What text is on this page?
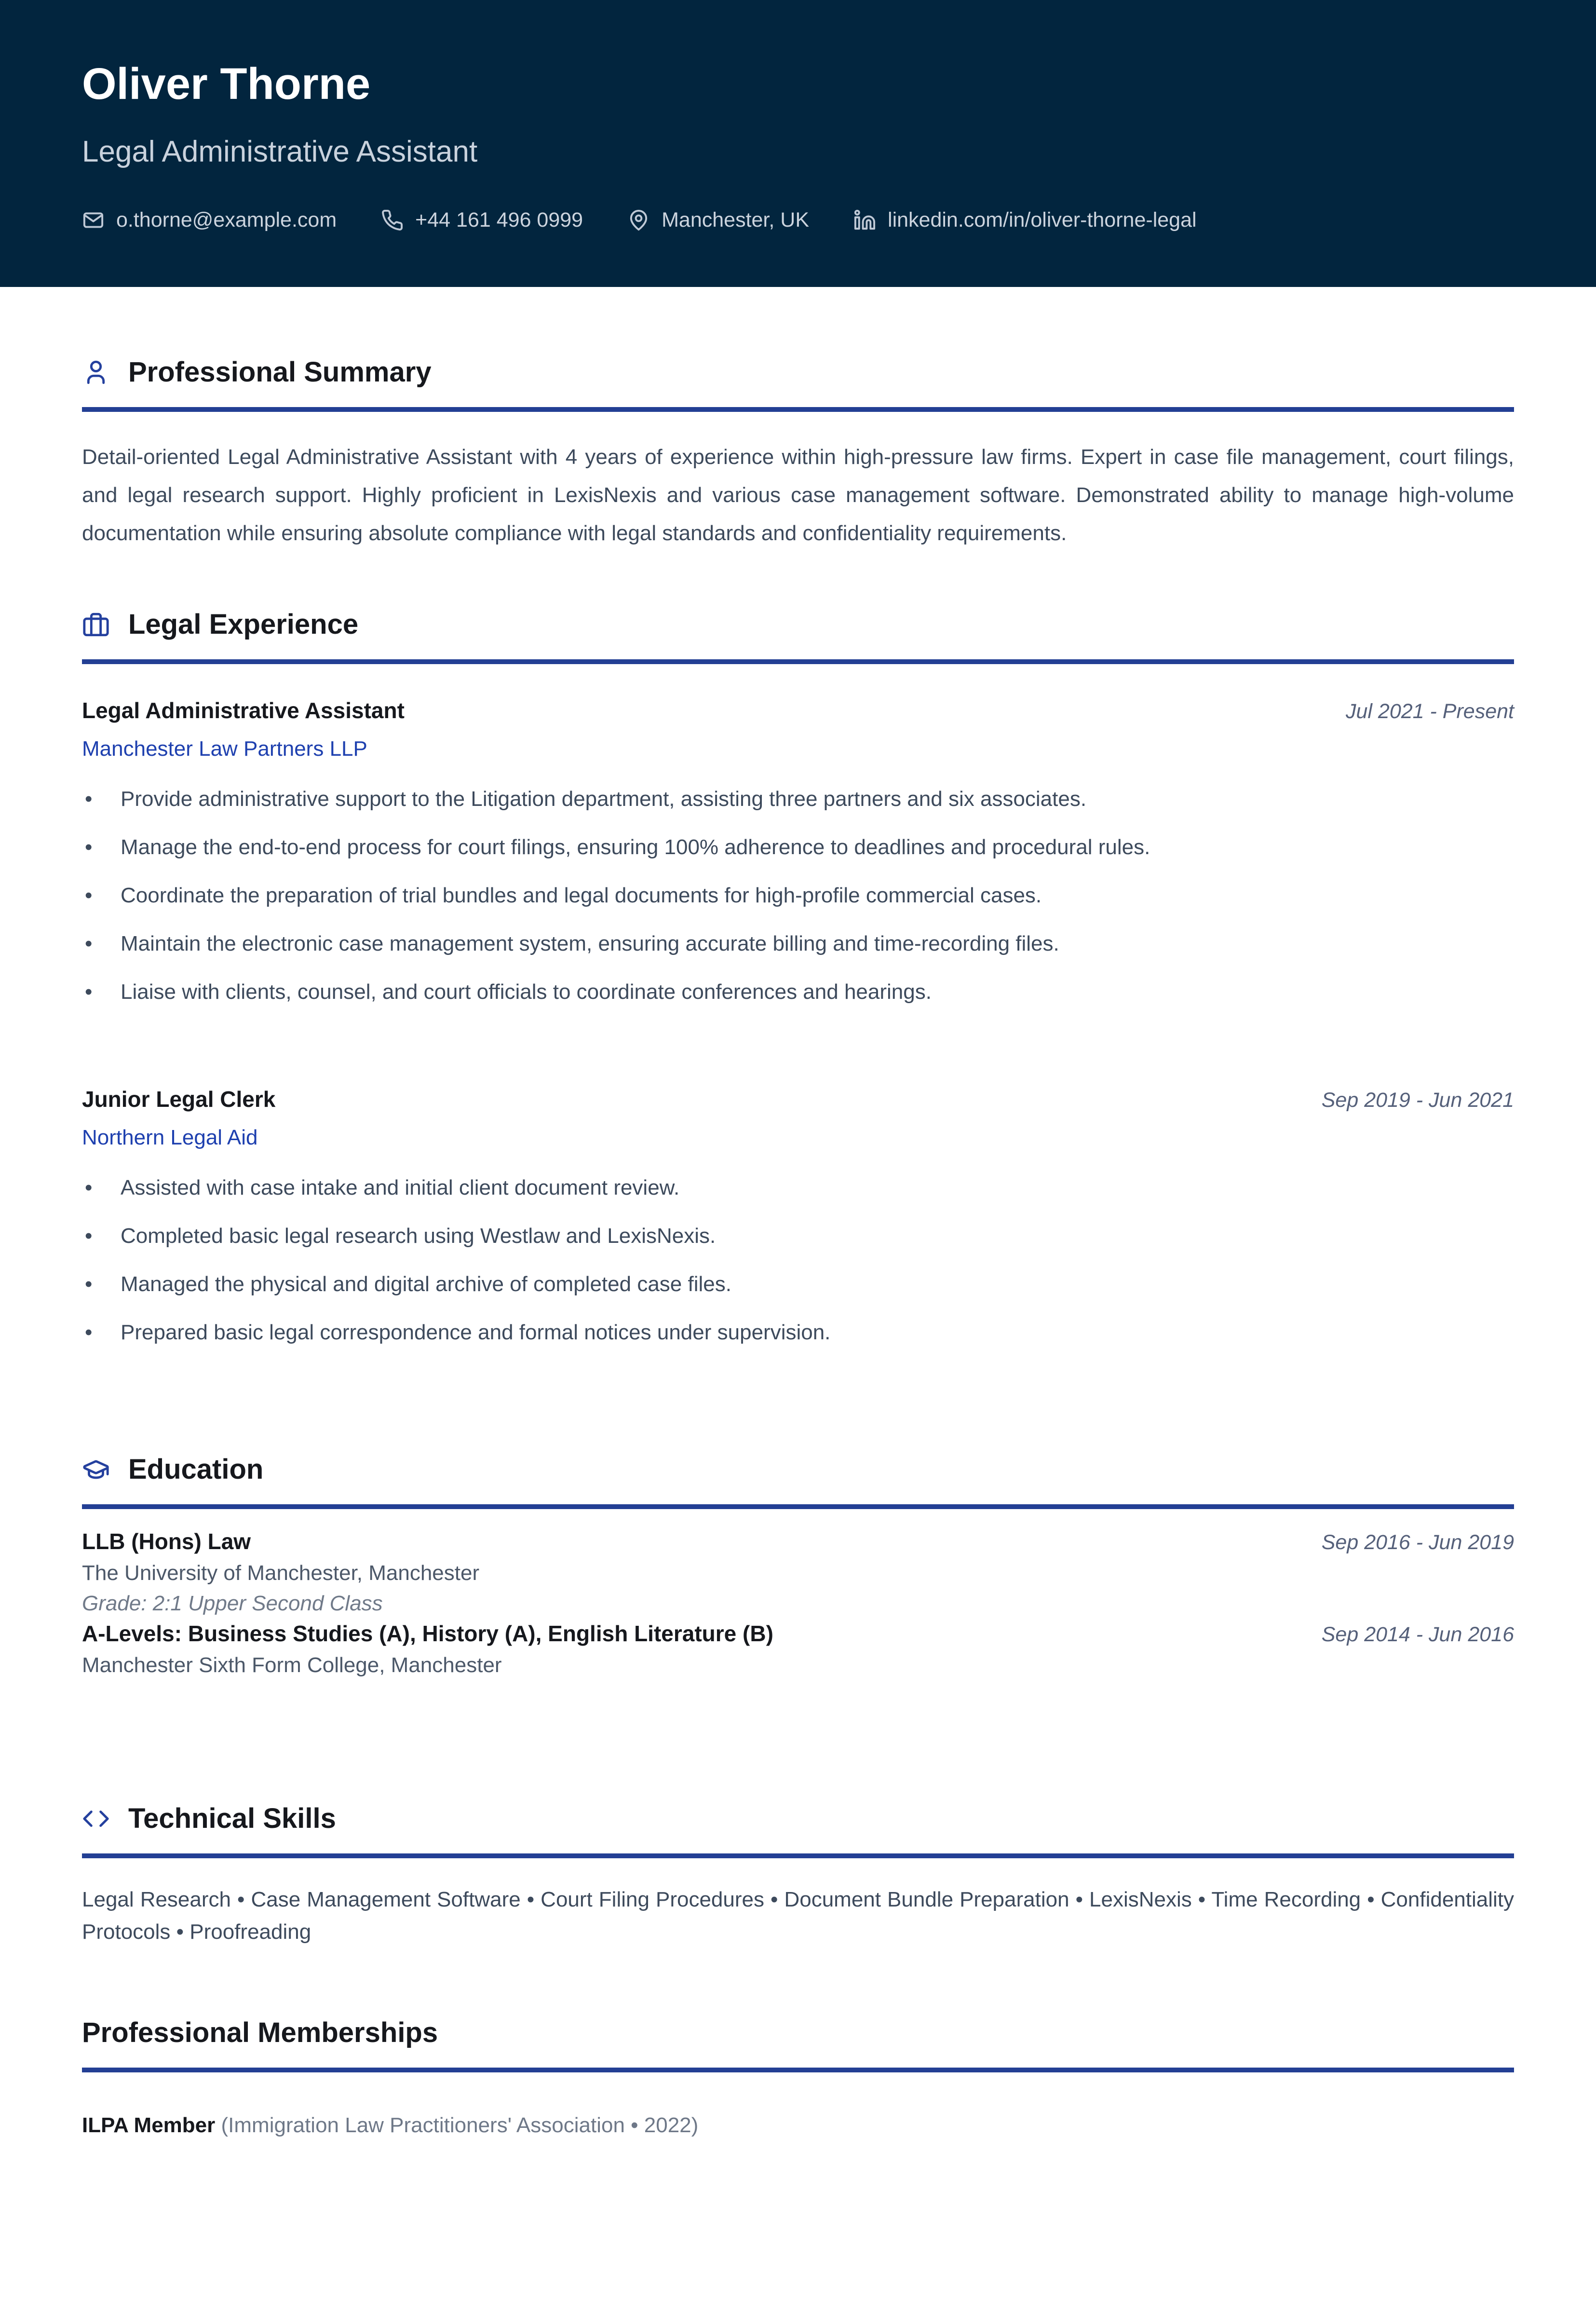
Oliver Thorne
Legal Administrative Assistant
o.thorne@example.com	+44 161 496 0999	Manchester, UK	linkedin.com/in/oliver-thorne-legal
Professional Summary

Detail-oriented Legal Administrative Assistant with 4 years of experience within high-pressure law firms. Expert in case file management, court filings, and legal research support. Highly proficient in LexisNexis and various case management software. Demonstrated ability to manage high-volume documentation while ensuring absolute compliance with legal standards and confidentiality requirements.

Legal Experience
Legal Administrative Assistant	Jul 2021 - Present
Manchester Law Partners LLP
• Provide administrative support to the Litigation department, assisting three partners and six associates.
• Manage the end-to-end process for court filings, ensuring 100% adherence to deadlines and procedural rules.
• Coordinate the preparation of trial bundles and legal documents for high-profile commercial cases.
• Maintain the electronic case management system, ensuring accurate billing and time-recording files.
• Liaise with clients, counsel, and court officials to coordinate conferences and hearings.
Junior Legal Clerk	Sep 2019 - Jun 2021
Northern Legal Aid
• Assisted with case intake and initial client document review.
• Completed basic legal research using Westlaw and LexisNexis.
• Managed the physical and digital archive of completed case files.
• Prepared basic legal correspondence and formal notices under supervision.
Education
LLB (Hons) Law	Sep 2016 - Jun 2019
The University of Manchester, Manchester
Grade: 2:1 Upper Second Class
A-Levels: Business Studies (A), History (A), English Literature (B)	Sep 2014 - Jun 2016
Manchester Sixth Form College, Manchester
Technical Skills

Legal Research • Case Management Software • Court Filing Procedures • Document Bundle Preparation • LexisNexis • Time Recording • Confidentiality Protocols • Proofreading

Professional Memberships

ILPA Member (Immigration Law Practitioners' Association • 2022)
